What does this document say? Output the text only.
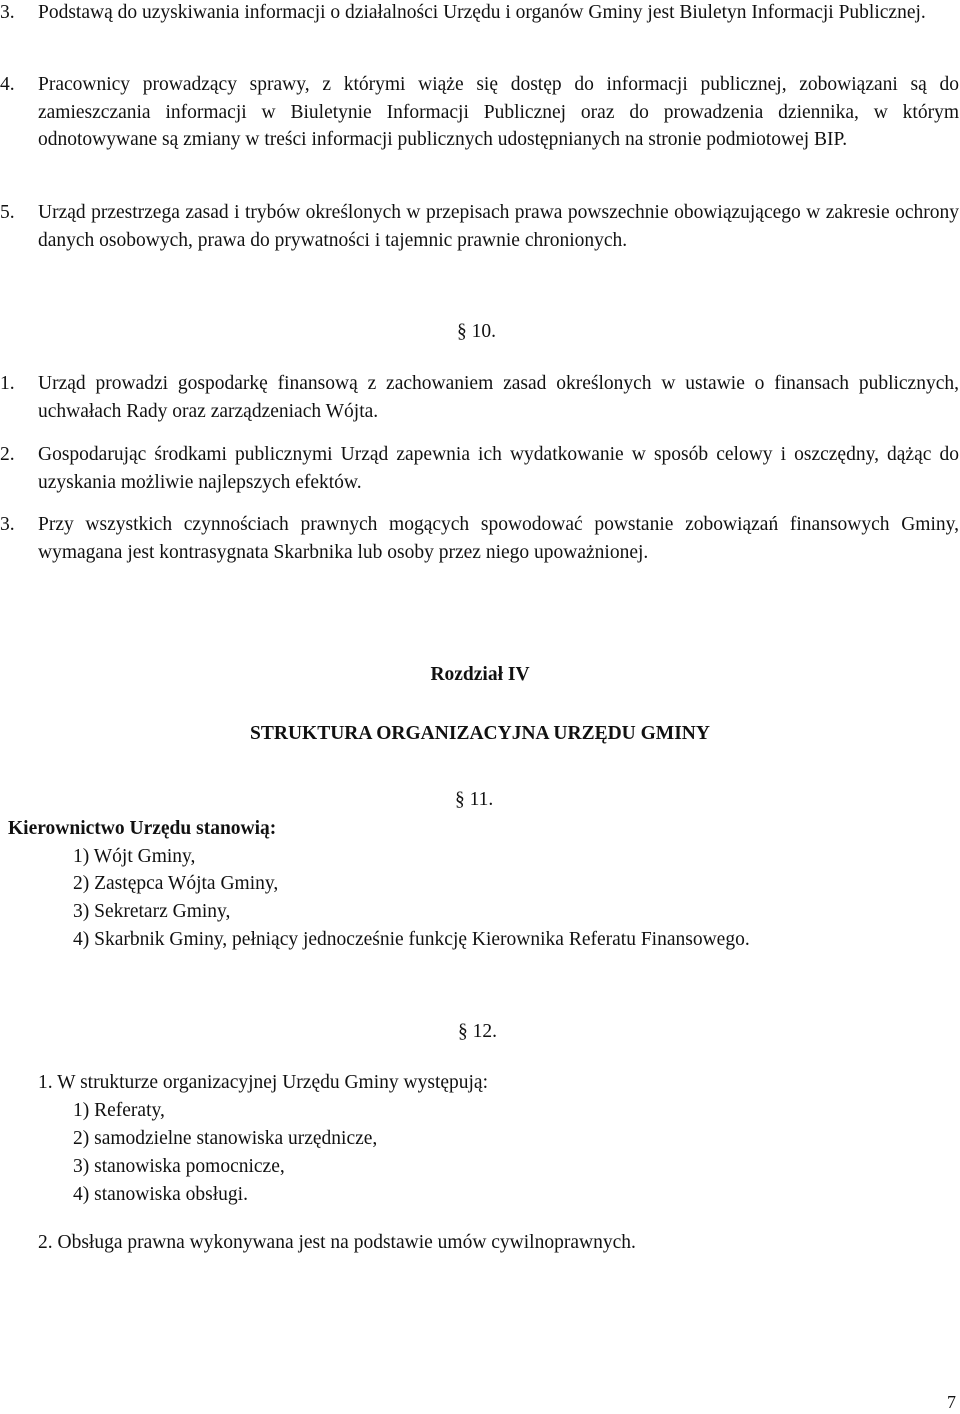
3. Podstawą do uzyskiwania informacji o działalności Urzędu i organów Gminy jest Biuletyn Informacji Publicznej.

4. Pracownicy prowadzący sprawy, z którymi wiąże się dostęp do informacji publicznej, zobowiązani są do zamieszczania informacji w Biuletynie Informacji Publicznej oraz do prowadzenia dziennika, w którym odnotowywane są zmiany w treści informacji publicznych udostępnianych na stronie podmiotowej BIP.

5. Urząd przestrzega zasad i trybów określonych w przepisach prawa powszechnie obowiązującego w zakresie ochrony danych osobowych, prawa do prywatności i tajemnic prawnie chronionych.

§ 10.

1. Urząd prowadzi gospodarkę finansową z zachowaniem zasad określonych w ustawie o finansach publicznych, uchwałach Rady oraz zarządzeniach Wójta.

2. Gospodarując środkami publicznymi Urząd zapewnia ich wydatkowanie w sposób celowy i oszczędny, dążąc do uzyskania możliwie najlepszych efektów.

3. Przy wszystkich czynnościach prawnych mogących spowodować powstanie zobowiązań finansowych Gminy, wymagana jest kontrasygnata Skarbnika lub osoby przez niego upoważnionej.

Rozdział IV

STRUKTURA ORGANIZACYJNA URZĘDU GMINY

§ 11.

Kierownictwo Urzędu stanowią:

1) Wójt Gminy,

2) Zastępca Wójta Gminy,

3) Sekretarz Gminy,

4) Skarbnik Gminy, pełniący jednocześnie funkcję Kierownika Referatu Finansowego.

§ 12.

1. W strukturze organizacyjnej Urzędu Gminy występują:

1) Referaty,

2) samodzielne stanowiska urzędnicze,

3) stanowiska pomocnicze,

4) stanowiska obsługi.

2. Obsługa prawna wykonywana jest na podstawie umów cywilnoprawnych.

7
